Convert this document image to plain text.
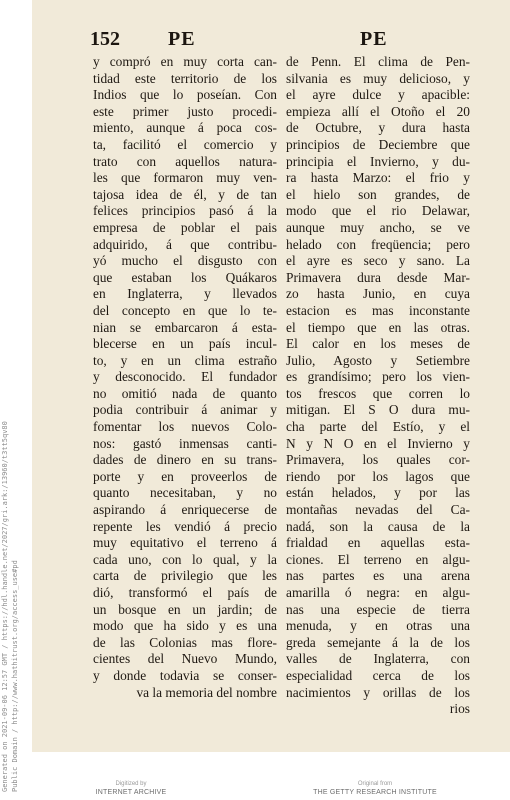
Generated on 2021-09-06 12:57 GMT / https://hdl.handle.net/2027/gri.ark:/13960/t3tt5qv80 Public Domain / http://www.hathitrust.org/access_use#pd
152 PE	PE
y compró en muy corta can-
tidad este territorio de los
Indios que lo poseían. Con
este primer justo procedi-
miento, aunque á poca cos-
ta, facilitó el comercio y
trato con aquellos natura-
les que formaron muy ven-
tajosa idea de él, y de tan
felices principios pasó á la
empresa de poblar el pais
adquirido, á que contribu-
yó mucho el disgusto con
que estaban los Quákaros
en Inglaterra, y llevados
del concepto en que lo te-
nian se embarcaron á esta-
blecerse en un país incul-
to, y en un clima estraño
y desconocido. El fundador
no omitió nada de quanto
podia contribuir á animar y
fomentar los nuevos Colo-
nos: gastó inmensas canti-
dades de dinero en su trans-
porte y en proveerlos de
quanto necesitaban, y no
aspirando á enriquecerse de
repente les vendió á precio
muy equitativo el terreno á
cada uno, con lo qual, y la
carta de privilegio que les
dió, transformó el país de
un bosque en un jardin; de
modo que ha sido y es una
de las Colonias mas flore-
cientes del Nuevo Mundo,
y donde todavia se conser-
va la memoria del nombre
de Penn. El clima de Pen-
silvania es muy delicioso, y
el ayre dulce y apacible:
empieza allí el Otoño el 20
de Octubre, y dura hasta
principios de Deciembre que
principia el Invierno, y du-
ra hasta Marzo: el frio y
el hielo son grandes, de
modo que el rio Delawar,
aunque muy ancho, se ve
helado con freqüencia; pero
el ayre es seco y sano. La
Primavera dura desde Mar-
zo hasta Junio, en cuya
estacion es mas inconstante
el tiempo que en las otras.
El calor en los meses de
Julio, Agosto y Setiembre
es grandísimo; pero los vien-
tos frescos que corren lo
mitigan. El S O dura mu-
cha parte del Estío, y el
N y N O en el Invierno y
Primavera, los quales cor-
riendo por los lagos que
están helados, y por las
montañas nevadas del Ca-
nadá, son la causa de la
frialdad en aquellas esta-
ciones. El terreno en algu-
nas partes es una arena
amarilla ó negra: en algu-
nas una especie de tierra
menuda, y en otras una
greda semejante á la de los
valles de Inglaterra, con
especialidad cerca de los
nacimientos y orillas de los
rios
Digitized by
INTERNET ARCHIVE
Original from
THE GETTY RESEARCH INSTITUTE
